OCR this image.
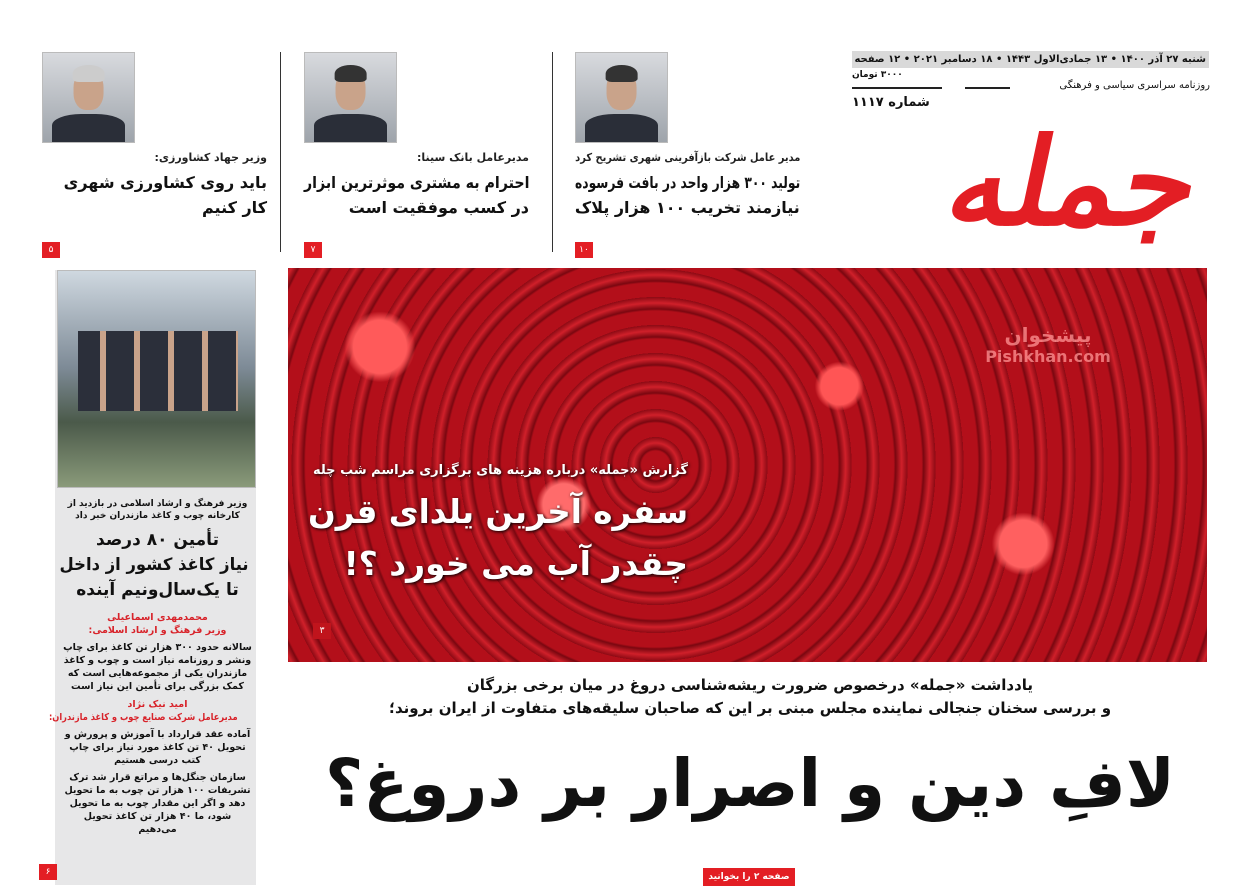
شنبه ۲۷ آذر ۱۴۰۰ • ۱۳ جمادی‌الاول ۱۴۴۳ • ۱۸ دسامبر ۲۰۲۱ • ۱۲ صفحه
۳۰۰۰ تومان
روزنامه سراسری سیاسی و فرهنگی
شماره ۱۱۱۷
جمله
مدیر عامل شرکت بازآفرینی شهری تشریح کرد
تولید ۳۰۰ هزار واحد در بافت فرسوده
نیازمند تخریب ۱۰۰ هزار پلاک
۱۰
مدیرعامل بانک سینا:
احترام به مشتری موثرترین ابزار
در کسب موفقیت است
۷
وزیر جهاد کشاورزی:
باید روی کشاورزی شهری
کار کنیم
۵
پیشخوان
Pishkhan.com
گزارش «جمله» درباره هزینه های برگزاری مراسم شب چله
سفره آخرین یلدای قرن
چقدر آب می خورد ؟!
۳
وزیر فرهنگ و ارشاد اسلامی در بازدید از کارخانه چوب و کاغذ مازندران خبر داد
تأمین ۸۰ درصد
نیاز کاغذ کشور از داخل
تا یک‌سال‌ونیم آینده
محمدمهدی اسماعیلی
وزیر فرهنگ و ارشاد اسلامی:
سالانه حدود ۳۰۰ هزار تن کاغذ برای چاپ ونشر و روزنامه نیاز است و چوب و کاغذ مازندران یکی از مجموعه‌هایی است که کمک بزرگی برای تأمین این نیاز است
امید نیک نژاد
مدیرعامل شرکت صنایع چوب و کاغذ مازندران:
آماده عقد قرارداد با آموزش و پرورش و تحویل ۴۰ تن کاغذ مورد نیاز برای چاپ کتب درسی هستیم
سازمان جنگل‌ها و مراتع قرار شد ترک تشریفات ۱۰۰ هزار تن چوب به ما تحویل دهد و اگر این مقدار چوب به ما تحویل شود، ما ۴۰ هزار تن کاغذ تحویل می‌دهیم
۶
یادداشت «جمله» درخصوص ضرورت ریشه‌شناسی دروغ در میان برخی بزرگان
و بررسی سخنان جنجالی نماینده مجلس مبنی بر این که صاحبان سلیقه‌های متفاوت از ایران بروند؛
لافِ دین و اصرار بر دروغ؟
صفحه ۲ را بخوانید
